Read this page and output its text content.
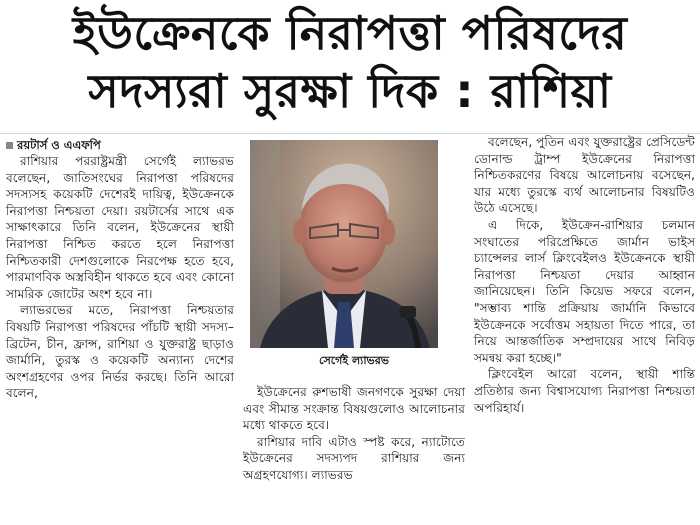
ইউক্রেনকে নিরাপত্তা পরিষদের
সদস্যরা সুরক্ষা দিক : রাশিয়া
রয়টার্স ও এএফপি

রাশিয়ার পররাষ্ট্রমন্ত্রী সের্গেই ল্যাভরভ বলেছেন, জাতিসংঘের নিরাপত্তা পরিষদের সদস্যসহ কয়েকটি দেশেরই দায়িত্ব, ইউক্রেনকে নিরাপত্তা নিশ্চয়তা দেয়া। রয়টার্সের সাথে এক সাক্ষাৎকারে তিনি বলেন, ইউক্রেনের স্থায়ী নিরাপত্তা নিশ্চিত করতে হলে নিরাপত্তা নিশ্চিতকারী দেশগুলোকে নিরপেক্ষ হতে হবে, পারমাণবিক অস্ত্রবিহীন থাকতে হবে এবং কোনো সামরিক জোটের অংশ হবে না।

ল্যাভরভের মতে, নিরাপত্তা নিশ্চয়তার বিষয়টি নিরাপত্তা পরিষদের পাঁচটি স্থায়ী সদস্য– ব্রিটেন, চীন, ফ্রান্স, রাশিয়া ও যুক্তরাষ্ট্র ছাড়াও জার্মানি, তুরস্ক ও কয়েকটি অন্যান্য দেশের অংশগ্রহণের ওপর নির্ভর করছে। তিনি আরো বলেন,

সের্গেই ল্যাভরভ

ইউক্রেনের রুশভাষী জনগণকে সুরক্ষা দেয়া এবং সীমান্ত সংক্রান্ত বিষয়গুলোও আলোচনার মধ্যে থাকতে হবে।

রাশিয়ার দাবি এটাও স্পষ্ট করে, ন্যাটোতে ইউক্রেনের সদস্যপদ রাশিয়ার জন্য অগ্রহণযোগ্য। ল্যাভরভ

বলেছেন, পুতিন এবং যুক্তরাষ্ট্রের প্রেসিডেন্ট ডোনাল্ড ট্রাম্প ইউক্রেনের নিরাপত্তা নিশ্চিতকরণের বিষয়ে আলোচনায় বসেছেন, যার মধ্যে তুরস্কে ব্যর্থ আলোচনার বিষয়টিও উঠে এসেছে।

এ দিকে, ইউক্রেন-রাশিয়ার চলমান সংঘাতের পরিপ্রেক্ষিতে জার্মান ভাইস চ্যান্সেলর লার্স ক্লিংবেইলও ইউক্রেনকে স্থায়ী নিরাপত্তা নিশ্চয়তা দেয়ার আহ্বান জানিয়েছেন। তিনি কিয়েভ সফরে বলেন, "সম্ভাব্য শান্তি প্রক্রিয়ায় জার্মানি কিভাবে ইউক্রেনকে সর্বোত্তম সহায়তা দিতে পারে, তা নিয়ে আন্তর্জাতিক সম্প্রদায়ের সাথে নিবিড় সমন্বয় করা হচ্ছে।"

ক্লিংবেইল আরো বলেন, স্থায়ী শান্তি প্রতিষ্ঠার জন্য বিশ্বাসযোগ্য নিরাপত্তা নিশ্চয়তা অপরিহার্য।
